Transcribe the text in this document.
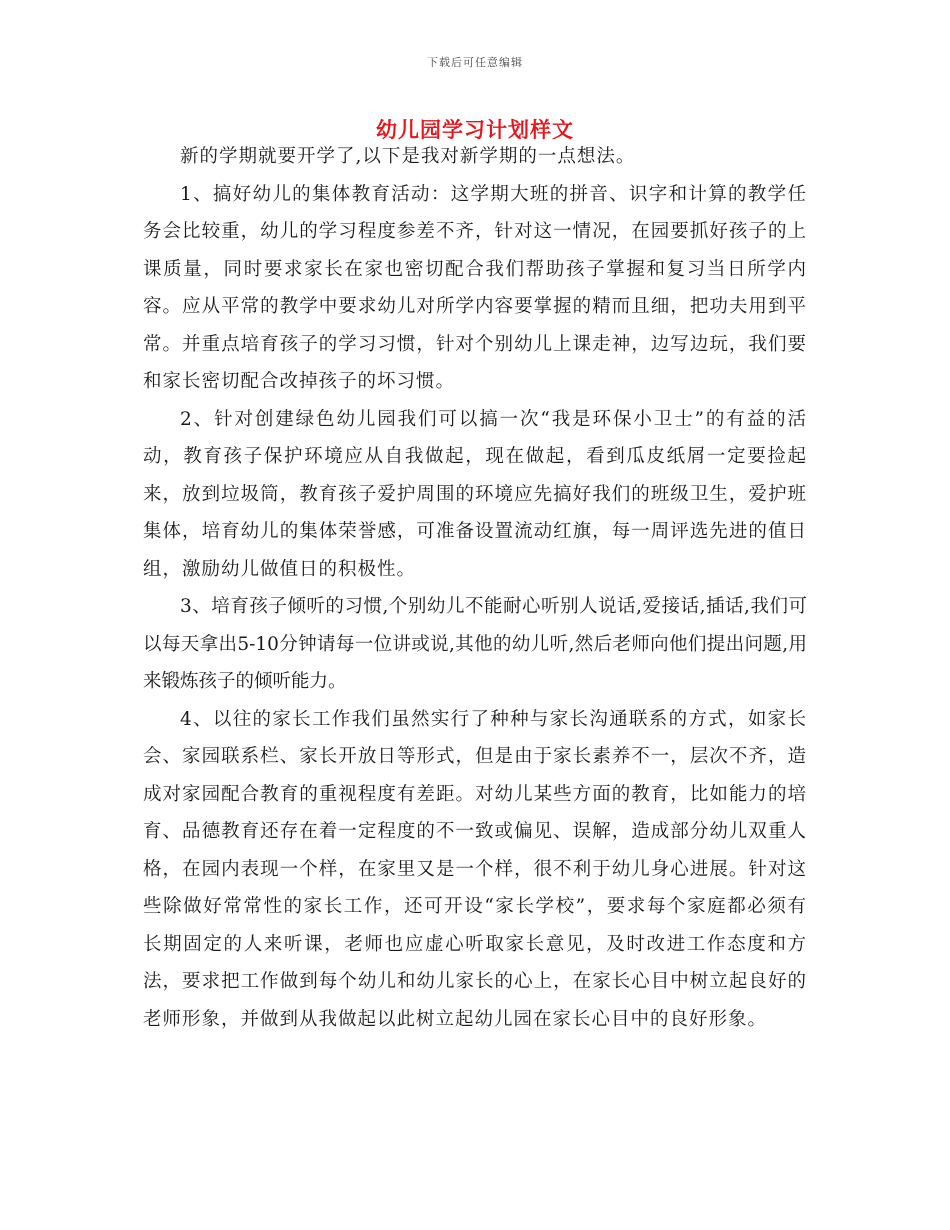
下载后可任意编辑
幼儿园学习计划样文

新的学期就要开学了,以下是我对新学期的一点想法。

1、搞好幼儿的集体教育活动：这学期大班的拼音、识字和计算的教学任务会比较重，幼儿的学习程度参差不齐，针对这一情况，在园要抓好孩子的上课质量，同时要求家长在家也密切配合我们帮助孩子掌握和复习当日所学内容。应从平常的教学中要求幼儿对所学内容要掌握的精而且细，把功夫用到平常。并重点培育孩子的学习习惯，针对个别幼儿上课走神，边写边玩，我们要和家长密切配合改掉孩子的坏习惯。

2、针对创建绿色幼儿园我们可以搞一次“我是环保小卫士”的有益的活动，教育孩子保护环境应从自我做起，现在做起，看到瓜皮纸屑一定要捡起来，放到垃圾筒，教育孩子爱护周围的环境应先搞好我们的班级卫生，爱护班集体，培育幼儿的集体荣誉感，可准备设置流动红旗，每一周评选先进的值日组，激励幼儿做值日的积极性。

3、培育孩子倾听的习惯,个别幼儿不能耐心听别人说话,爱接话,插话,我们可以每天拿出5-10分钟请每一位讲或说,其他的幼儿听,然后老师向他们提出问题,用来锻炼孩子的倾听能力。

4、以往的家长工作我们虽然实行了种种与家长沟通联系的方式，如家长会、家园联系栏、家长开放日等形式，但是由于家长素养不一，层次不齐，造成对家园配合教育的重视程度有差距。对幼儿某些方面的教育，比如能力的培育、品德教育还存在着一定程度的不一致或偏见、误解，造成部分幼儿双重人格，在园内表现一个样，在家里又是一个样，很不利于幼儿身心进展。针对这些除做好常常性的家长工作，还可开设“家长学校”，要求每个家庭都必须有长期固定的人来听课，老师也应虚心听取家长意见，及时改进工作态度和方法，要求把工作做到每个幼儿和幼儿家长的心上，在家长心目中树立起良好的老师形象，并做到从我做起以此树立起幼儿园在家长心目中的良好形象。
